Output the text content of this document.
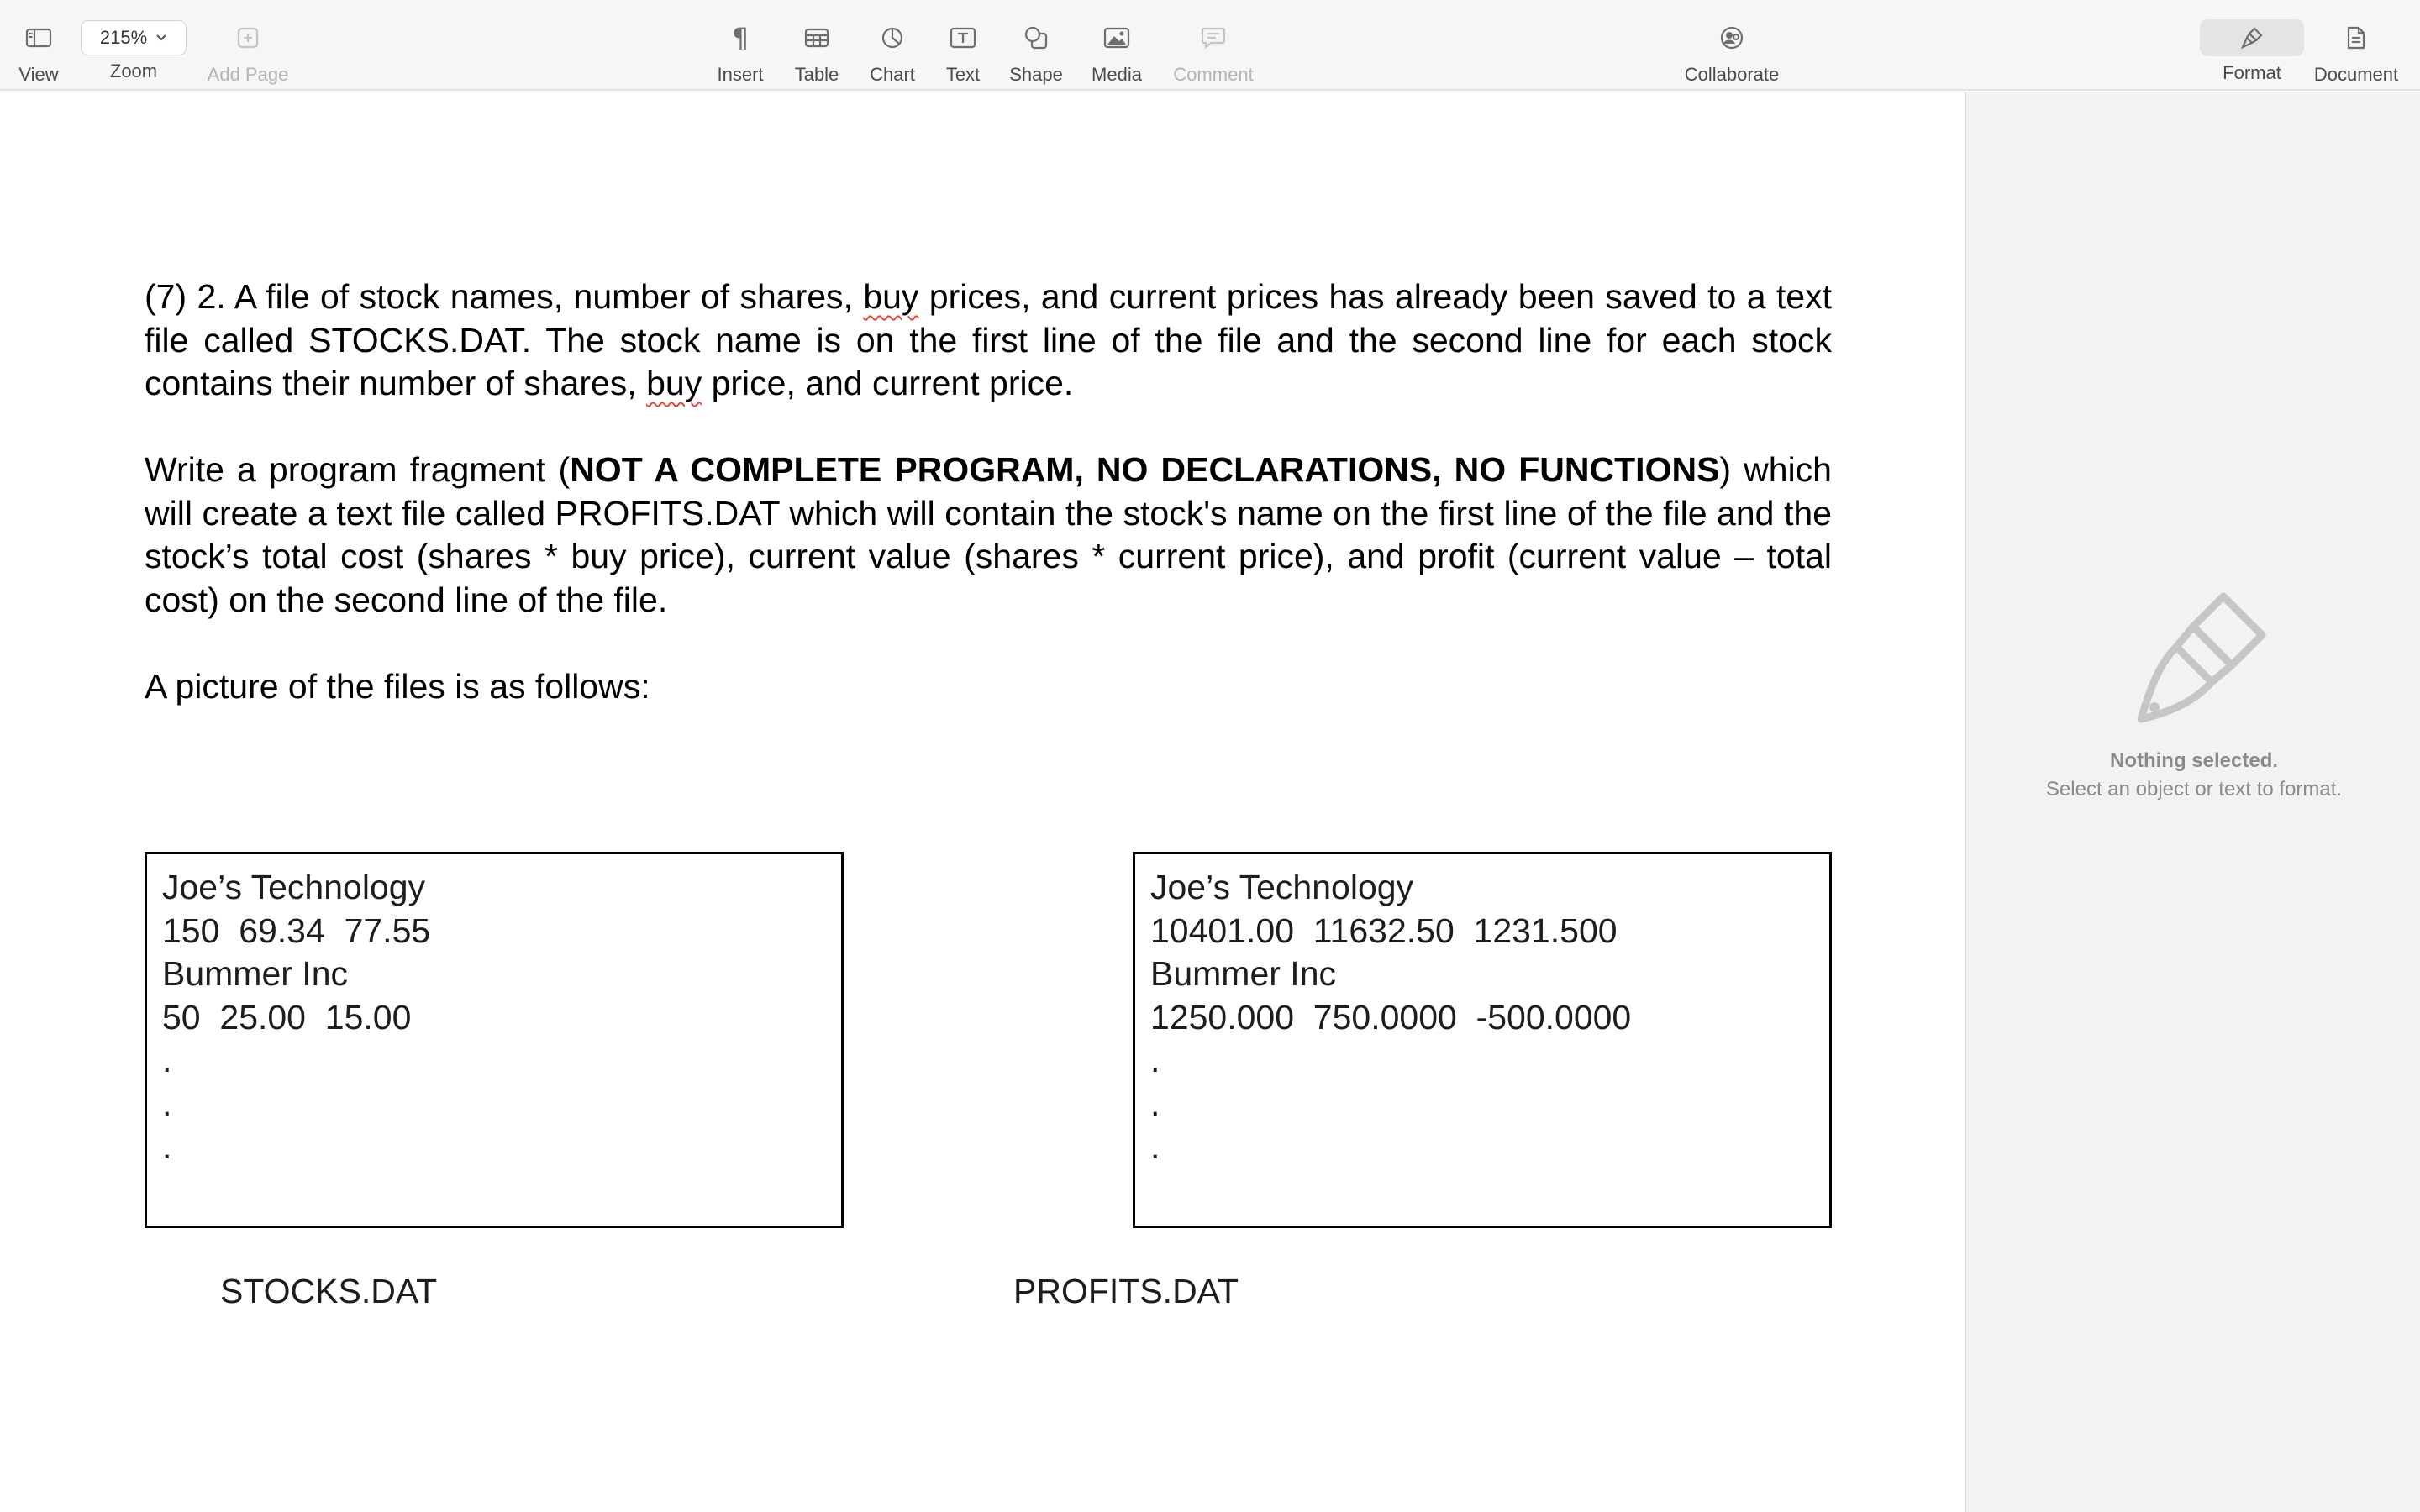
View
215%
Zoom	Add Page
¶
Insert Table Chart Text Shape Media Comment	Collaborate	Format Document

(7) 2. A file of stock names, number of shares, buy prices, and current prices has already been saved to a text file called STOCKS.DAT. The stock name is on the first line of the file and the second line for each stock contains their number of shares, buy price, and current price.

Write a program fragment (NOT A COMPLETE PROGRAM, NO DECLARATIONS, NO FUNCTIONS) which will create a text file called PROFITS.DAT which will contain the stock's name on the first line of the file and the stock’s total cost (shares * buy price), current value (shares * current price), and profit (current value – total cost) on the second line of the file.

A picture of the files is as follows:

Joe’s Technology
150  69.34  77.55
Bummer Inc
50  25.00  15.00
.
.
.
Joe’s Technology
10401.00  11632.50  1231.500
Bummer Inc
1250.000  750.0000  -500.0000
.
.
.
STOCKS.DAT	PROFITS.DAT
Nothing selected.
Select an object or text to format.
